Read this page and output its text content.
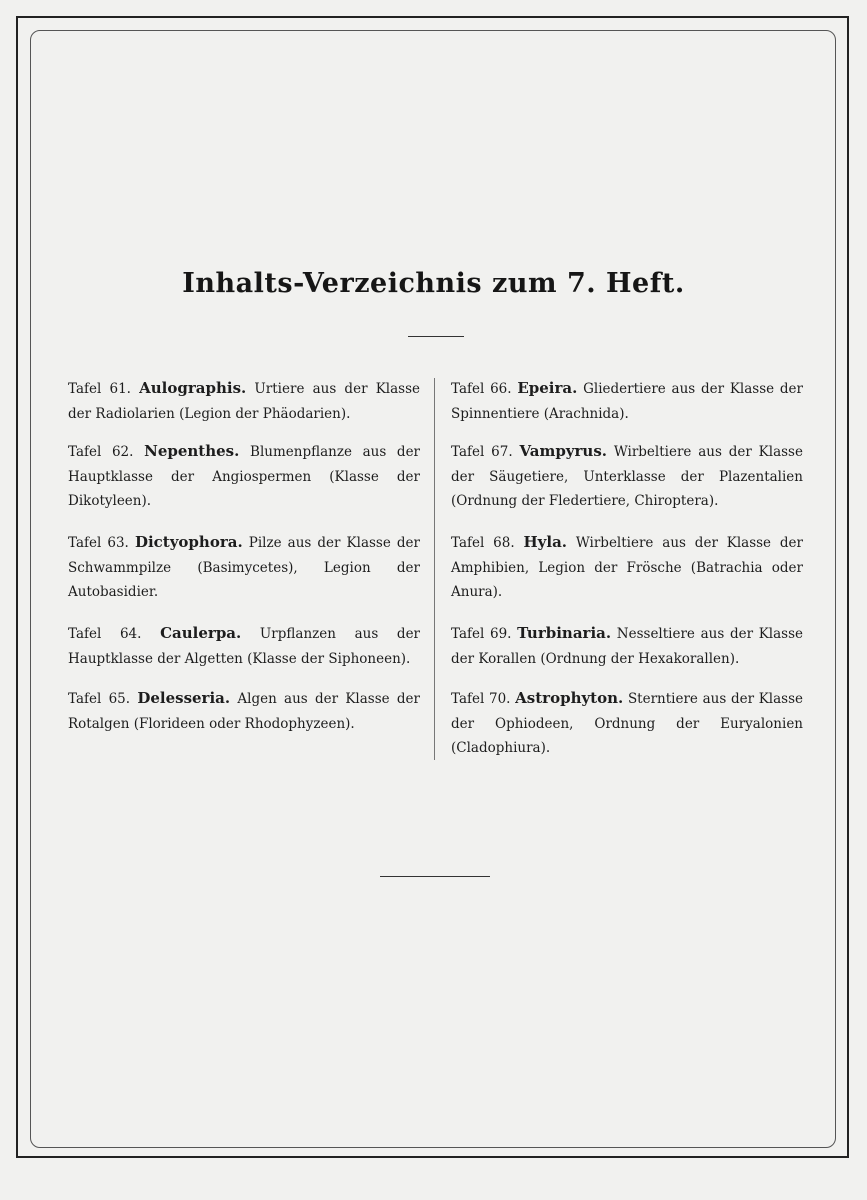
Inhalts-Verzeichnis zum 7. Heft.

Tafel 61. Aulographis. Urtiere aus der Klasse der Radiolarien (Legion der Phäodarien).

Tafel 62. Nepenthes. Blumenpflanze aus der Hauptklasse der Angiospermen (Klasse der Dikotyleen).

Tafel 63. Dictyophora. Pilze aus der Klasse der Schwammpilze (Basimycetes), Legion der Autobasidier.

Tafel 64. Caulerpa. Urpflanzen aus der Hauptklasse der Algetten (Klasse der Siphoneen).

Tafel 65. Delesseria. Algen aus der Klasse der Rotalgen (Florideen oder Rhodophyzeen).

Tafel 66. Epeira. Gliedertiere aus der Klasse der Spinnentiere (Arachnida).

Tafel 67. Vampyrus. Wirbeltiere aus der Klasse der Säugetiere, Unterklasse der Plazentalien (Ordnung der Fledertiere, Chiroptera).

Tafel 68. Hyla. Wirbeltiere aus der Klasse der Amphibien, Legion der Frösche (Batrachia oder Anura).

Tafel 69. Turbinaria. Nesseltiere aus der Klasse der Korallen (Ordnung der Hexakorallen).

Tafel 70. Astrophyton. Sterntiere aus der Klasse der Ophiodeen, Ordnung der Euryalonien (Cladophiura).
